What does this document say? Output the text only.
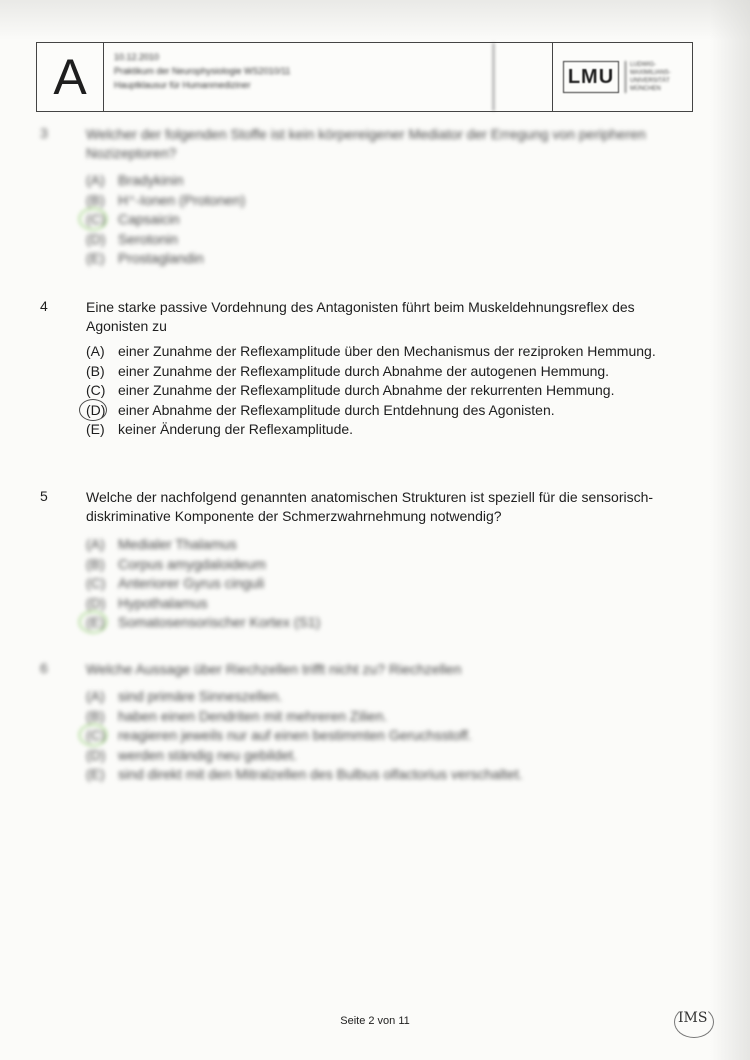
A	10.12.2010
Praktikum der Neurophysiologie WS2010/11
Hauptklausur für Humanmediziner	LMU
LUDWIG-
MAXIMILIANS-
UNIVERSITÄT
MÜNCHEN
3	Welcher der folgenden Stoffe ist kein körpereigener Mediator der Erregung von peripheren Nozizeptoren?
(A) Bradykinin
(B) H⁺-Ionen (Protonen)
(C) Capsaicin
(D) Serotonin
(E) Prostaglandin
4	Eine starke passive Vordehnung des Antagonisten führt beim Muskeldehnungsreflex des Agonisten zu
(A) einer Zunahme der Reflexamplitude über den Mechanismus der reziproken Hemmung.
(B) einer Zunahme der Reflexamplitude durch Abnahme der autogenen Hemmung.
(C) einer Zunahme der Reflexamplitude durch Abnahme der rekurrenten Hemmung.
(D) einer Abnahme der Reflexamplitude durch Entdehnung des Agonisten.
(E) keiner Änderung der Reflexamplitude.
5	Welche der nachfolgend genannten anatomischen Strukturen ist speziell für die sensorisch-diskriminative Komponente der Schmerzwahrnehmung notwendig?
(A) Medialer Thalamus
(B) Corpus amygdaloideum
(C) Anteriorer Gyrus cinguli
(D) Hypothalamus
(E) Somatosensorischer Kortex (S1)
6	Welche Aussage über Riechzellen trifft nicht zu? Riechzellen
(A) sind primäre Sinneszellen.
(B) haben einen Dendriten mit mehreren Zilien.
(C) reagieren jeweils nur auf einen bestimmten Geruchsstoff.
(D) werden ständig neu gebildet.
(E) sind direkt mit den Mitralzellen des Bulbus olfactorius verschaltet.
Seite 2 von 11	IMS
